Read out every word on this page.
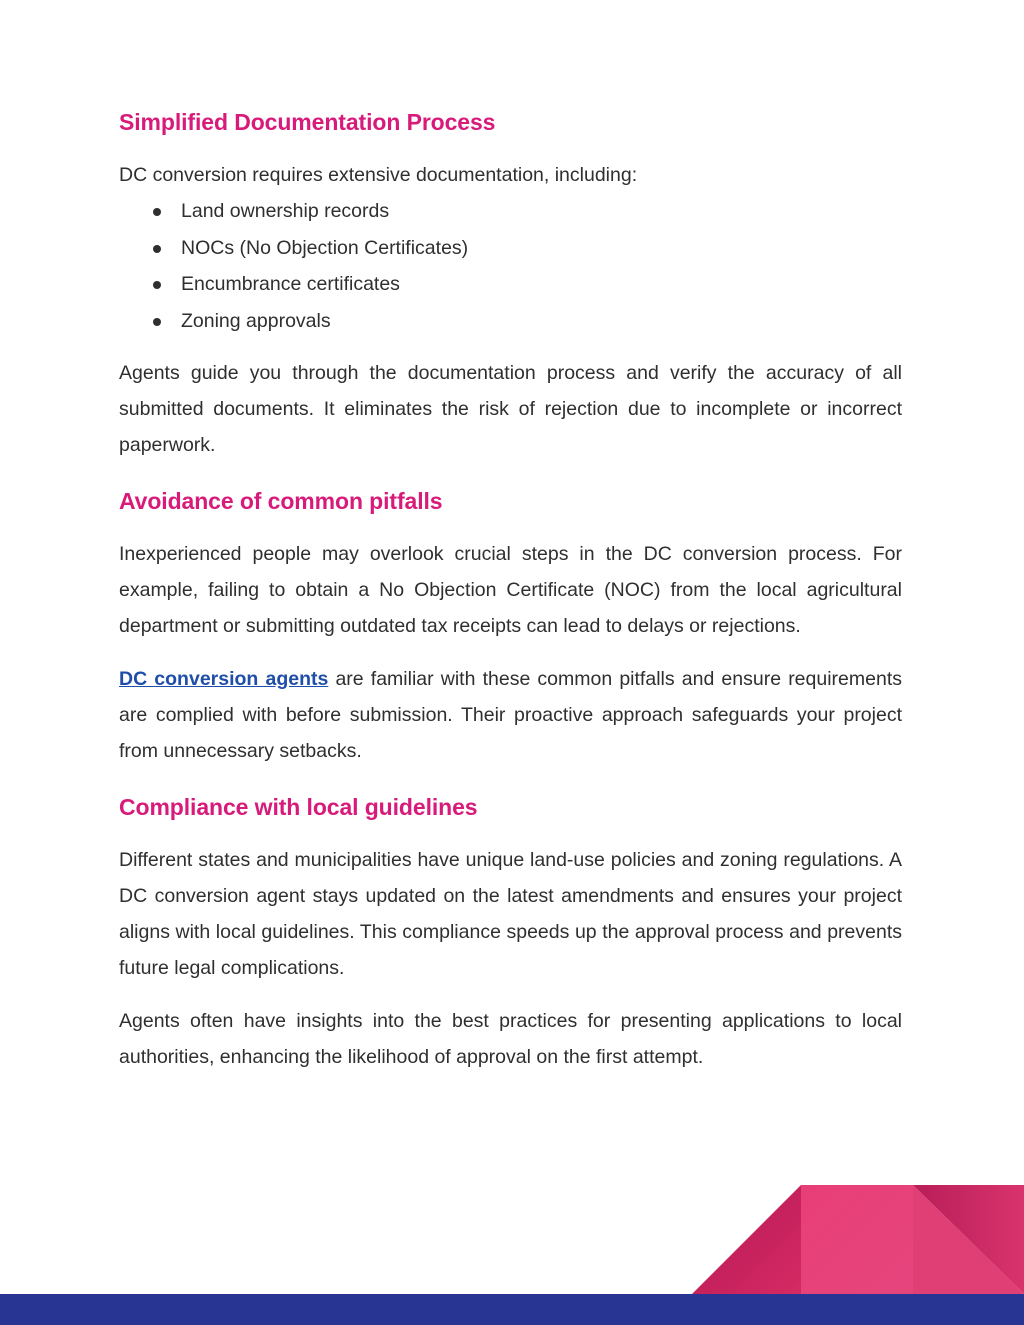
Simplified Documentation Process

DC conversion requires extensive documentation, including:

Land ownership records
NOCs (No Objection Certificates)
Encumbrance certificates
Zoning approvals

Agents guide you through the documentation process and verify the accuracy of all submitted documents. It eliminates the risk of rejection due to incomplete or incorrect paperwork.

Avoidance of common pitfalls

Inexperienced people may overlook crucial steps in the DC conversion process. For example, failing to obtain a No Objection Certificate (NOC) from the local agricultural department or submitting outdated tax receipts can lead to delays or rejections.

DC conversion agents are familiar with these common pitfalls and ensure requirements are complied with before submission. Their proactive approach safeguards your project from unnecessary setbacks.

Compliance with local guidelines

Different states and municipalities have unique land-use policies and zoning regulations. A DC conversion agent stays updated on the latest amendments and ensures your project aligns with local guidelines. This compliance speeds up the approval process and prevents future legal complications.

Agents often have insights into the best practices for presenting applications to local authorities, enhancing the likelihood of approval on the first attempt.
